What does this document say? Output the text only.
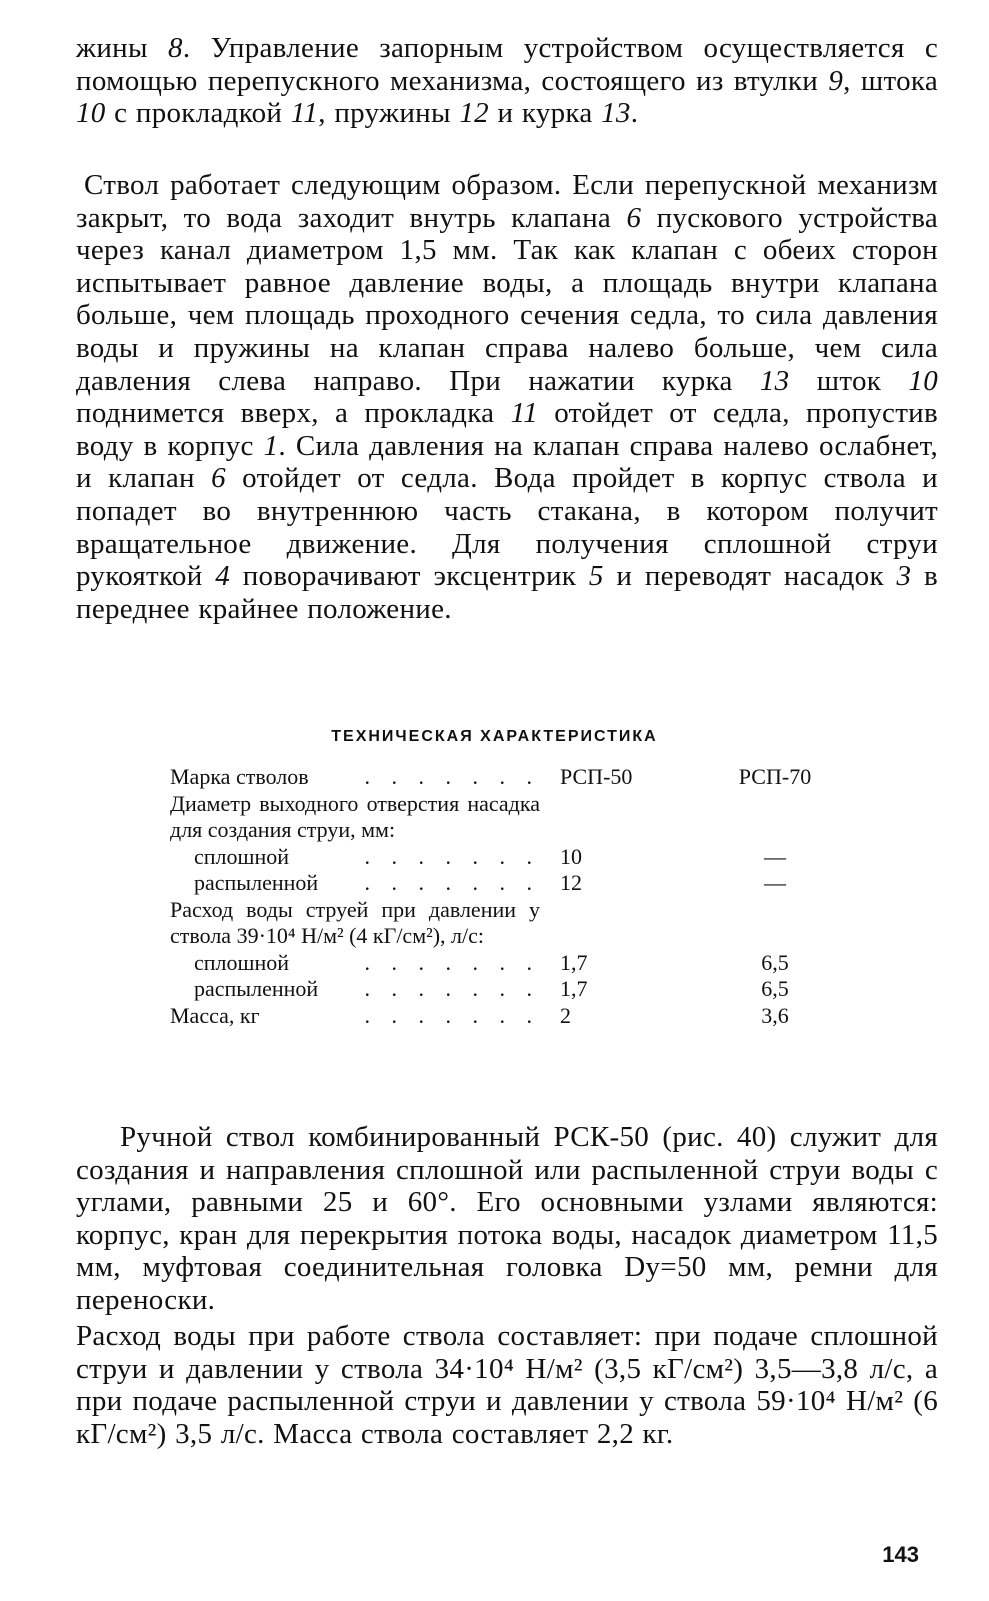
жины 8. Управление запорным устройством осуществляется с помощью перепускного механизма, состоящего из втулки 9, штока 10 с прокладкой 11, пружины 12 и курка 13.

Ствол работает следующим образом. Если перепускной механизм закрыт, то вода заходит внутрь клапана 6 пускового устройства через канал диаметром 1,5 мм. Так как клапан с обеих сторон испытывает равное давление воды, а площадь внутри клапана больше, чем площадь проходного сечения седла, то сила давления воды и пружины на клапан справа налево больше, чем сила давления слева направо. При нажатии курка 13 шток 10 поднимется вверх, а прокладка 11 отойдет от седла, пропустив воду в корпус 1. Сила давления на клапан справа налево ослабнет, и клапан 6 отойдет от седла. Вода пройдет в корпус ствола и попадет во внутреннюю часть стакана, в котором получит вращательное движение. Для получения сплошной струи рукояткой 4 поворачивают эксцентрик 5 и переводят насадок 3 в переднее крайнее положение.

ТЕХНИЧЕСКАЯ ХАРАКТЕРИСТИКА
Марка стволов . . . . . . .	РСП-50	РСП-70

Диаметр выходного отверстия насадка для создания струи, мм:		

сплошной . . . . . . .	10	—

распыленной . . . . . . .	12	—

Расход воды струей при давлении у ствола 39·10⁴ Н/м² (4 кГ/см²), л/с:		

сплошной . . . . . . .	1,7	6,5

распыленной . . . . . . .	1,7	6,5

Масса, кг . . . . . . .	2	3,6

Ручной ствол комбинированный РСК-50 (рис. 40) служит для создания и направления сплошной или распыленной струи воды с углами, равными 25 и 60°. Его основными узлами являются: корпус, кран для перекрытия потока воды, насадок диаметром 11,5 мм, муфтовая соединительная головка Dу=50 мм, ремни для переноски.

Расход воды при работе ствола составляет: при подаче сплошной струи и давлении у ствола 34·10⁴ Н/м² (3,5 кГ/см²) 3,5—3,8 л/с, а при подаче распыленной струи и давлении у ствола 59·10⁴ Н/м² (6 кГ/см²) 3,5 л/с. Масса ствола составляет 2,2 кг.

143
